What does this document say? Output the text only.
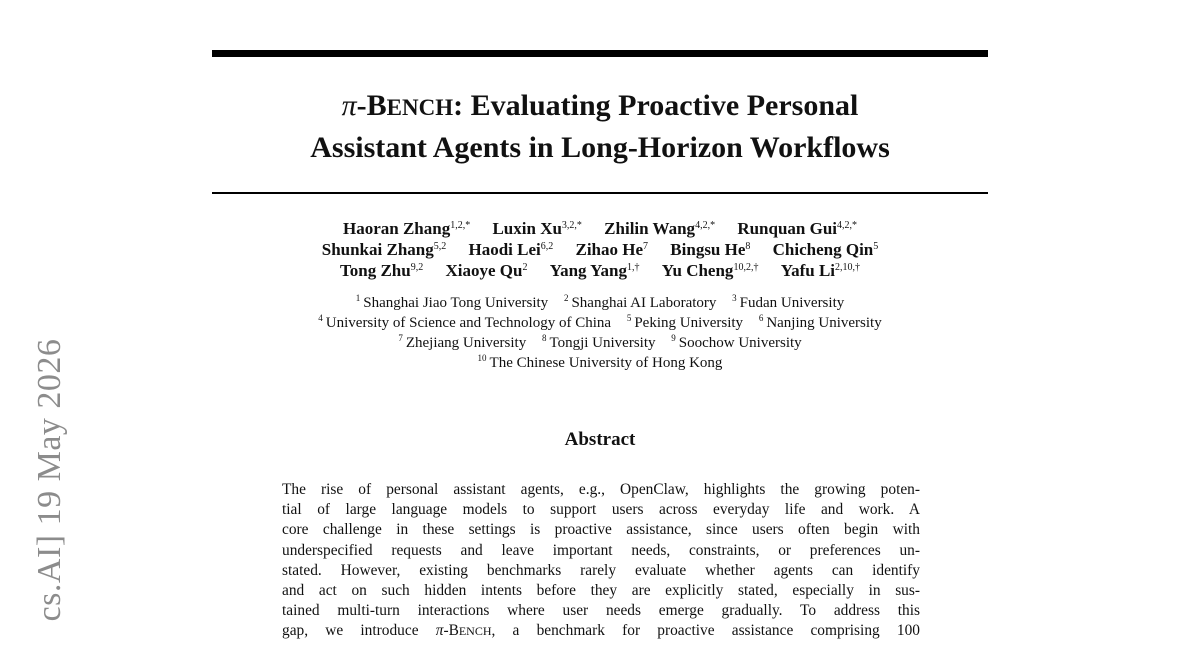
cs.AI] 19 May 2026
π-BENCH: Evaluating Proactive Personal
Assistant Agents in Long-Horizon Workflows
Haoran Zhang$^{1,2,*}$ Luxin $Xu^{3,2,*}$ Zhilin Wang$^{4,2,*}$ Runquan Gui$^{4,2,*}$
Shunkai Zhang$^{5,2}$ Haodi Lei$^{6,2}$ Zihao He$^7$ Bingsu He$^8$ Chicheng Qin$^5$
Tong Zhu$^{9,2}$ Xiaoye Qu$^2$ Yang Yang$^{1,\dagger}$ Yu Cheng$^{10,2,\dagger}$ Yafu $Li^{2,10,\dagger}$
$^1$ Shanghai Jiao Tong University $^2$ Shanghai AI Laboratory $^3$ Fudan University
$^4$ University of Science and Technology of China $^5$ Peking University $^6$ Nanjing University
$^7$ Zhejiang University $^8$ Tongji University $^9$ Soochow University
$^{10}$ The Chinese University of Hong Kong
Abstract
The rise of personal assistant agents, e.g., OpenClaw, highlights the growing poten-
tial of large language models to support users across everyday life and work. A
core challenge in these settings is proactive assistance, since users often begin with
underspecified requests and leave important needs, constraints, or preferences un-
stated. However, existing benchmarks rarely evaluate whether agents can identify
and act on such hidden intents before they are explicitly stated, especially in sus-
tained multi-turn interactions where user needs emerge gradually. To address this
gap, we introduce π-BENCH, a benchmark for proactive assistance comprising 100
